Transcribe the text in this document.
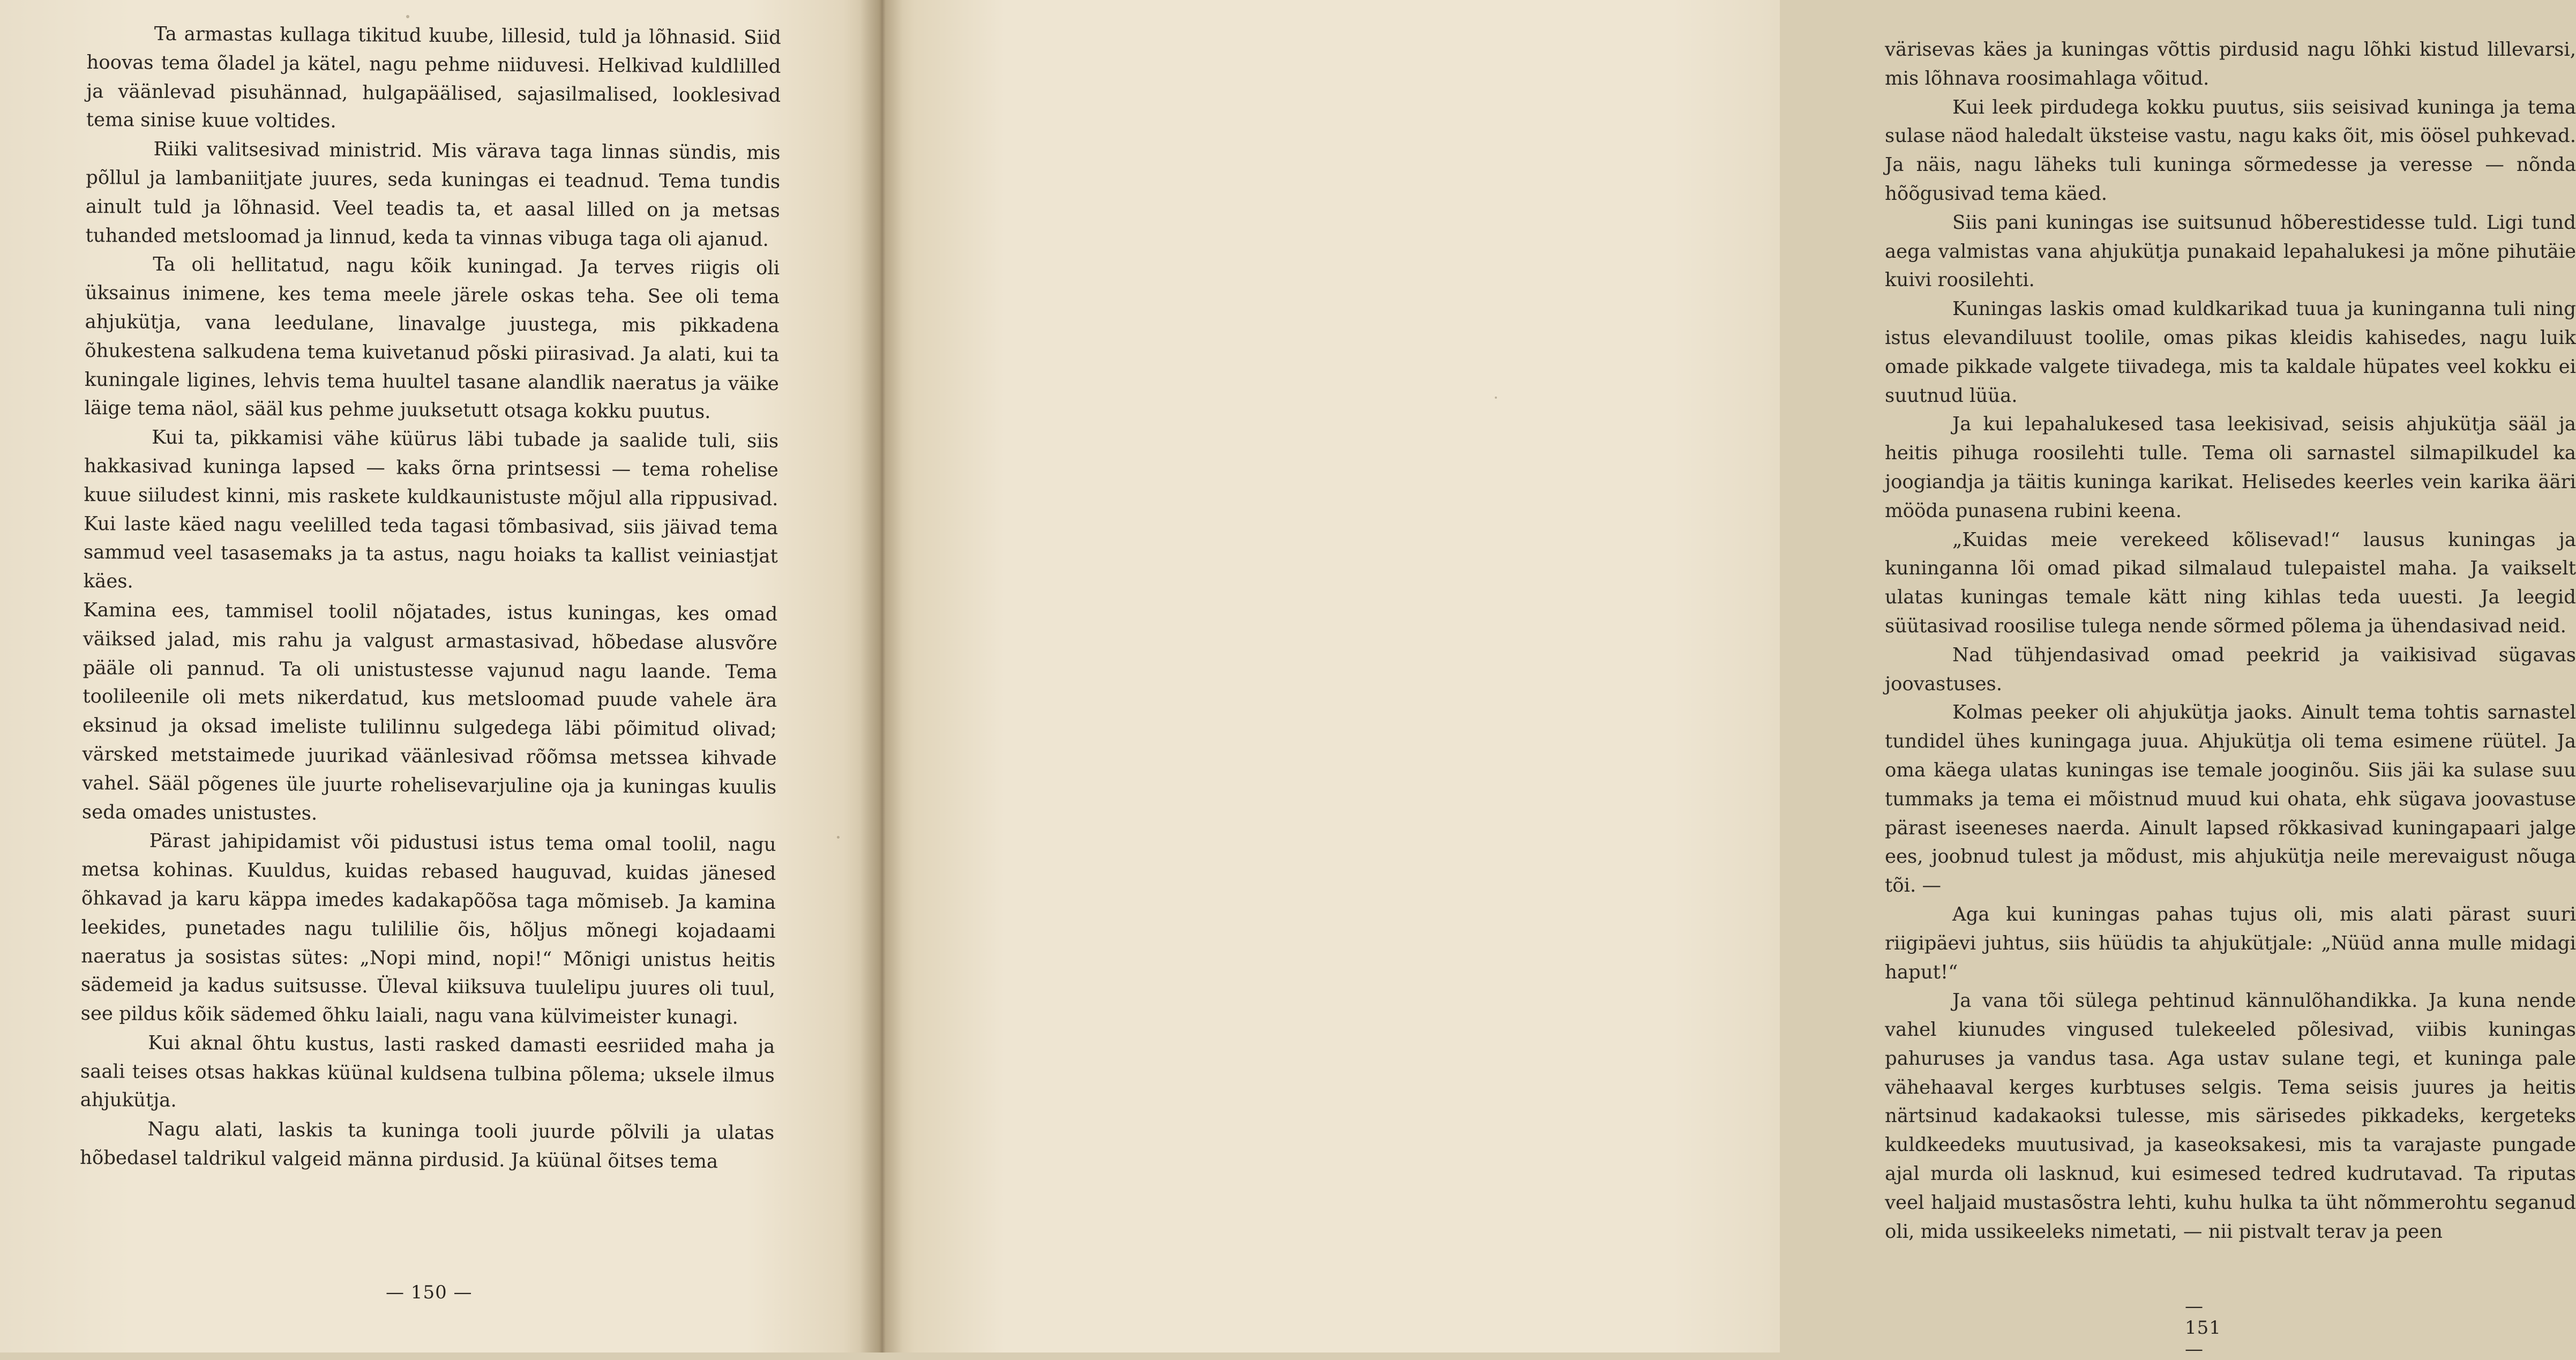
Ta armastas kullaga tikitud kuube, lillesid, tuld ja lõhnasid. Siid hoovas tema õladel ja kätel, nagu pehme niiduvesi. Helkivad kuldlilled ja väänlevad pisuhännad, hulgapäälised, sajasilmalised, looklesivad tema sinise kuue voltides.

Riiki valitsesivad ministrid. Mis värava taga linnas sündis, mis põllul ja lambaniitjate juures, seda kuningas ei teadnud. Tema tundis ainult tuld ja lõhnasid. Veel teadis ta, et aasal lilled on ja metsas tuhanded metsloomad ja linnud, keda ta vinnas vibuga taga oli ajanud.

Ta oli hellitatud, nagu kõik kuningad. Ja terves riigis oli üksainus inimene, kes tema meele järele oskas teha. See oli tema ahjukütja, vana leedulane, linavalge juustega, mis pikkadena õhukestena salkudena tema kuivetanud põski piirasivad. Ja alati, kui ta kuningale ligines, lehvis tema huultel tasane alandlik naeratus ja väike läige tema näol, sääl kus pehme juuksetutt otsaga kokku puutus.

Kui ta, pikkamisi vähe küürus läbi tubade ja saalide tuli, siis hakkasivad kuninga lapsed — kaks õrna printsessi — tema rohelise kuue siiludest kinni, mis raskete kuldkaunistuste mõjul alla rippusivad. Kui laste käed nagu veelilled teda tagasi tõmbasivad, siis jäivad tema sammud veel tasasemaks ja ta astus, nagu hoiaks ta kallist veiniastjat käes.

Kamina ees, tammisel toolil nõjatades, istus kuningas, kes omad väiksed jalad, mis rahu ja valgust armastasivad, hõbedase alusvõre pääle oli pannud. Ta oli unistustesse vajunud nagu laande. Tema toolileenile oli mets nikerdatud, kus metsloomad puude vahele ära eksinud ja oksad imeliste tulilinnu sulgedega läbi põimitud olivad; värsked metstaimede juurikad väänlesivad rõõmsa metssea kihvade vahel. Sääl põgenes üle juurte rohelisevarjuline oja ja kuningas kuulis seda omades unistustes.

Pärast jahipidamist või pidustusi istus tema omal toolil, nagu metsa kohinas. Kuuldus, kuidas rebased hauguvad, kuidas jänesed õhkavad ja karu käppa imedes kadakapõõsa taga mõmiseb. Ja kamina leekides, punetades nagu tulililie õis, hõljus mõnegi kojadaami naeratus ja sosistas sütes: „Nopi mind, nopi!“ Mõnigi unistus heitis sädemeid ja kadus suitsusse. Üleval kiiksuva tuulelipu juures oli tuul, see pildus kõik sädemed õhku laiali, nagu vana külvimeister kunagi.

Kui aknal õhtu kustus, lasti rasked damasti eesriided maha ja saali teises otsas hakkas küünal kuldsena tulbina põlema; uksele ilmus ahjukütja.

Nagu alati, laskis ta kuninga tooli juurde põlvili ja ulatas hõbedasel taldrikul valgeid männa pirdusid. Ja küünal õitses tema

— 150 —

värisevas käes ja kuningas võttis pirdusid nagu lõhki kistud lillevarsi, mis lõhnava roosimahlaga võitud.

Kui leek pirdudega kokku puutus, siis seisivad kuninga ja tema sulase näod haledalt üksteise vastu, nagu kaks õit, mis öösel puhkevad. Ja näis, nagu läheks tuli kuninga sõrmedesse ja veresse — nõnda hõõgusivad tema käed.

Siis pani kuningas ise suitsunud hõberestidesse tuld. Ligi tund aega valmistas vana ahjukütja punakaid lepahalukesi ja mõne pihutäie kuivi roosilehti.

Kuningas laskis omad kuldkarikad tuua ja kuninganna tuli ning istus elevandiluust toolile, omas pikas kleidis kahisedes, nagu luik omade pikkade valgete tiivadega, mis ta kaldale hüpates veel kokku ei suutnud lüüa.

Ja kui lepahalukesed tasa leekisivad, seisis ahjukütja sääl ja heitis pihuga roosilehti tulle. Tema oli sarnastel silmapilkudel ka joogiandja ja täitis kuninga karikat. Helisedes keerles vein karika ääri mööda punasena rubini keena.

„Kuidas meie verekeed kõlisevad!“ lausus kuningas ja kuninganna lõi omad pikad silmalaud tulepaistel maha. Ja vaikselt ulatas kuningas temale kätt ning kihlas teda uuesti. Ja leegid süütasivad roosilise tulega nende sõrmed põlema ja ühendasivad neid.

Nad tühjendasivad omad peekrid ja vaikisivad sügavas joovastuses.

Kolmas peeker oli ahjukütja jaoks. Ainult tema tohtis sarnastel tundidel ühes kuningaga juua. Ahjukütja oli tema esimene rüütel. Ja oma käega ulatas kuningas ise temale jooginõu. Siis jäi ka sulase suu tummaks ja tema ei mõistnud muud kui ohata, ehk sügava joovastuse pärast iseeneses naerda. Ainult lapsed rõkkasivad kuningapaari jalge ees, joobnud tulest ja mõdust, mis ahjukütja neile merevaigust nõuga tõi. —

Aga kui kuningas pahas tujus oli, mis alati pärast suuri riigipäevi juhtus, siis hüüdis ta ahjukütjale: „Nüüd anna mulle midagi haput!“

Ja vana tõi sülega pehtinud kännulõhandikka. Ja kuna nende vahel kiunudes vingused tulekeeled põlesivad, viibis kuningas pahuruses ja vandus tasa. Aga ustav sulane tegi, et kuninga pale vähehaaval kerges kurbtuses selgis. Tema seisis juures ja heitis närtsinud kadakaoksi tulesse, mis särisedes pikkadeks, kergeteks kuldkeedeks muutusivad, ja kaseoksakesi, mis ta varajaste pungade ajal murda oli lasknud, kui esimesed tedred kudrutavad. Ta riputas veel haljaid mustasõstra lehti, kuhu hulka ta üht nõmmerohtu seganud oli, mida ussikeeleks nimetati, — nii pistvalt terav ja peen

— 151 —
